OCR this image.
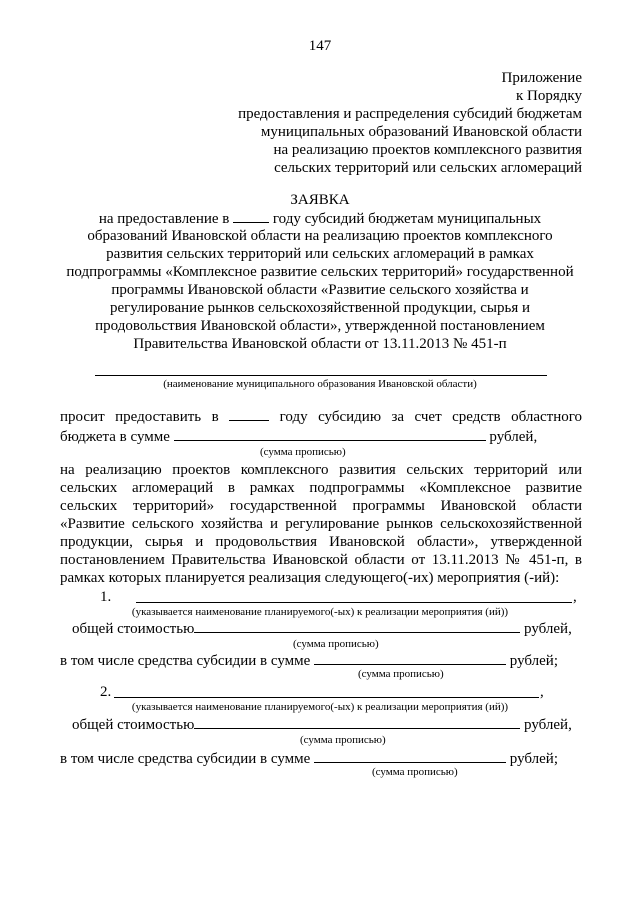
147
Приложение
к Порядку
предоставления и распределения субсидий бюджетам
муниципальных образований Ивановской области
на реализацию проектов комплексного развития
сельских территорий или сельских агломераций
ЗАЯВКА
на предоставление в	году субсидий бюджетам муниципальных
образований Ивановской области на реализацию проектов комплексного
развития сельских территорий или сельских агломераций в рамках
подпрограммы «Комплексное развитие сельских территорий» государственной
программы Ивановской области «Развитие сельского хозяйства и
регулирование рынков сельскохозяйственной продукции, сырья и
продовольствия Ивановской области», утвержденной постановлением
Правительства Ивановской области от 13.11.2013 № 451-п
(наименование муниципального образования Ивановской области)
просит предоставить в	году субсидию за счет средств областного
бюджета в сумме	рублей,
(сумма прописью)
на реализацию проектов комплексного развития сельских территорий или
сельских агломераций в рамках подпрограммы «Комплексное развитие
сельских территорий» государственной программы Ивановской области
«Развитие сельского хозяйства и регулирование рынков сельскохозяйственной
продукции, сырья и продовольствия Ивановской области», утвержденной
постановлением Правительства Ивановской области от 13.11.2013 № 451-п, в
рамках которых планируется реализация следующего(-их) мероприятия (-ий):
1.	,
(указывается наименование планируемого(-ых) к реализации мероприятия (ий))
общей стоимостью	рублей,
(сумма прописью)
в том числе средства субсидии в сумме	рублей;
(сумма прописью)
2.	,
(указывается наименование планируемого(-ых) к реализации мероприятия (ий))
общей стоимостью	рублей,
(сумма прописью)
в том числе средства субсидии в сумме	рублей;
(сумма прописью)
